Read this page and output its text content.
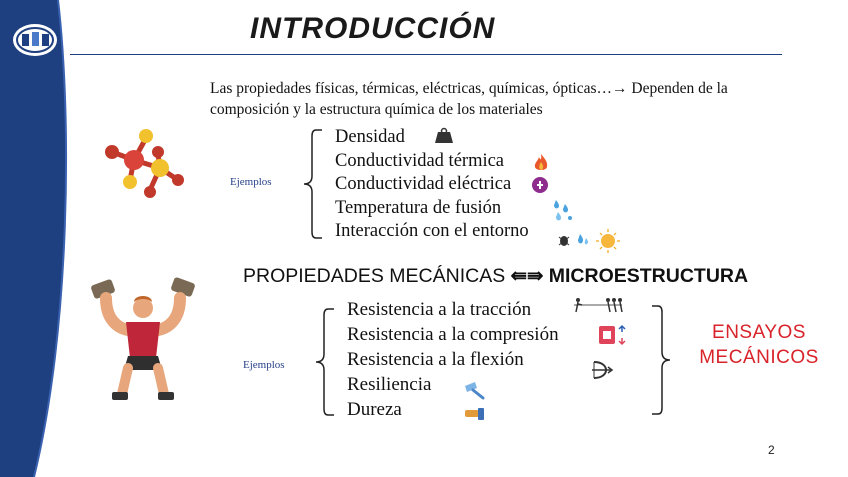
INTRODUCCIÓN
Las propiedades físicas, térmicas, eléctricas, químicas, ópticas…→ Dependen de la composición y la estructura química de los materiales
Ejemplos
Densidad
Conductividad térmica
Conductividad eléctrica
Temperatura de fusión
Interacción con el entorno
PROPIEDADES MECÁNICAS ⇚⇛ MICROESTRUCTURA
Ejemplos
Resistencia a la tracción
Resistencia a la compresión
Resistencia a la flexión
Resiliencia
Dureza
ENSAYOS
MECÁNICOS
2
